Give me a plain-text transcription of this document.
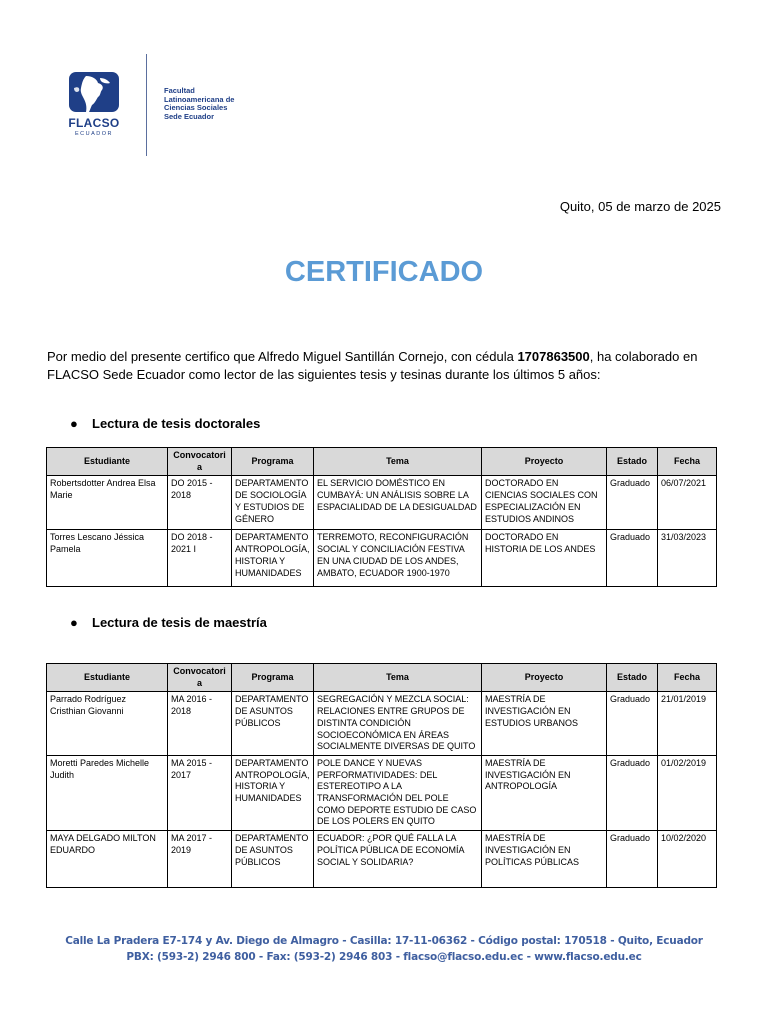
FLACSO
ECUADOR
Facultad
Latinoamericana de
Ciencias Sociales
Sede Ecuador
Quito, 05 de marzo de 2025
CERTIFICADO

Por medio del presente certifico que Alfredo Miguel Santillán Cornejo, con cédula 1707863500, ha colaborado en FLACSO Sede Ecuador como lector de las siguientes tesis y tesinas durante los últimos 5 años:

● Lectura de tesis doctorales
Estudiante	Convocatoria	Programa	Tema	Proyecto	Estado	Fecha
Robertsdotter Andrea Elsa Marie	DO 2015 - 2018	DEPARTAMENTO DE SOCIOLOGÍA Y ESTUDIOS DE GÉNERO	EL SERVICIO DOMÉSTICO EN CUMBAYÁ: UN ANÁLISIS SOBRE LA ESPACIALIDAD DE LA DESIGUALDAD	DOCTORADO EN CIENCIAS SOCIALES CON ESPECIALIZACIÓN EN ESTUDIOS ANDINOS	Graduado	06/07/2021
Torres Lescano Jéssica Pamela	DO 2018 - 2021 I	DEPARTAMENTO ANTROPOLOGÍA, HISTORIA Y HUMANIDADES	TERREMOTO, RECONFIGURACIÓN SOCIAL Y CONCILIACIÓN FESTIVA EN UNA CIUDAD DE LOS ANDES, AMBATO, ECUADOR 1900-1970	DOCTORADO EN HISTORIA DE LOS ANDES	Graduado	31/03/2023
● Lectura de tesis de maestría
Estudiante	Convocatoria	Programa	Tema	Proyecto	Estado	Fecha
Parrado Rodríguez Cristhian Giovanni	MA 2016 - 2018	DEPARTAMENTO DE ASUNTOS PÚBLICOS	SEGREGACIÓN Y MEZCLA SOCIAL: RELACIONES ENTRE GRUPOS DE DISTINTA CONDICIÓN SOCIOECONÓMICA EN ÁREAS SOCIALMENTE DIVERSAS DE QUITO	MAESTRÍA DE INVESTIGACIÓN EN ESTUDIOS URBANOS	Graduado	21/01/2019
Moretti Paredes Michelle Judith	MA 2015 - 2017	DEPARTAMENTO ANTROPOLOGÍA, HISTORIA Y HUMANIDADES	POLE DANCE Y NUEVAS PERFORMATIVIDADES: DEL ESTEREOTIPO A LA TRANSFORMACIÓN DEL POLE COMO DEPORTE ESTUDIO DE CASO DE LOS POLERS EN QUITO	MAESTRÍA DE INVESTIGACIÓN EN ANTROPOLOGÍA	Graduado	01/02/2019
MAYA DELGADO MILTON EDUARDO	MA 2017 - 2019	DEPARTAMENTO DE ASUNTOS PÚBLICOS	ECUADOR: ¿POR QUÉ FALLA LA POLÍTICA PÚBLICA DE ECONOMÍA SOCIAL Y SOLIDARIA?	MAESTRÍA DE INVESTIGACIÓN EN POLÍTICAS PÚBLICAS	Graduado	10/02/2020
Calle La Pradera E7-174 y Av. Diego de Almagro - Casilla: 17-11-06362 - Código postal: 170518 - Quito, Ecuador
PBX: (593-2) 2946 800 - Fax: (593-2) 2946 803 - flacso@flacso.edu.ec - www.flacso.edu.ec
